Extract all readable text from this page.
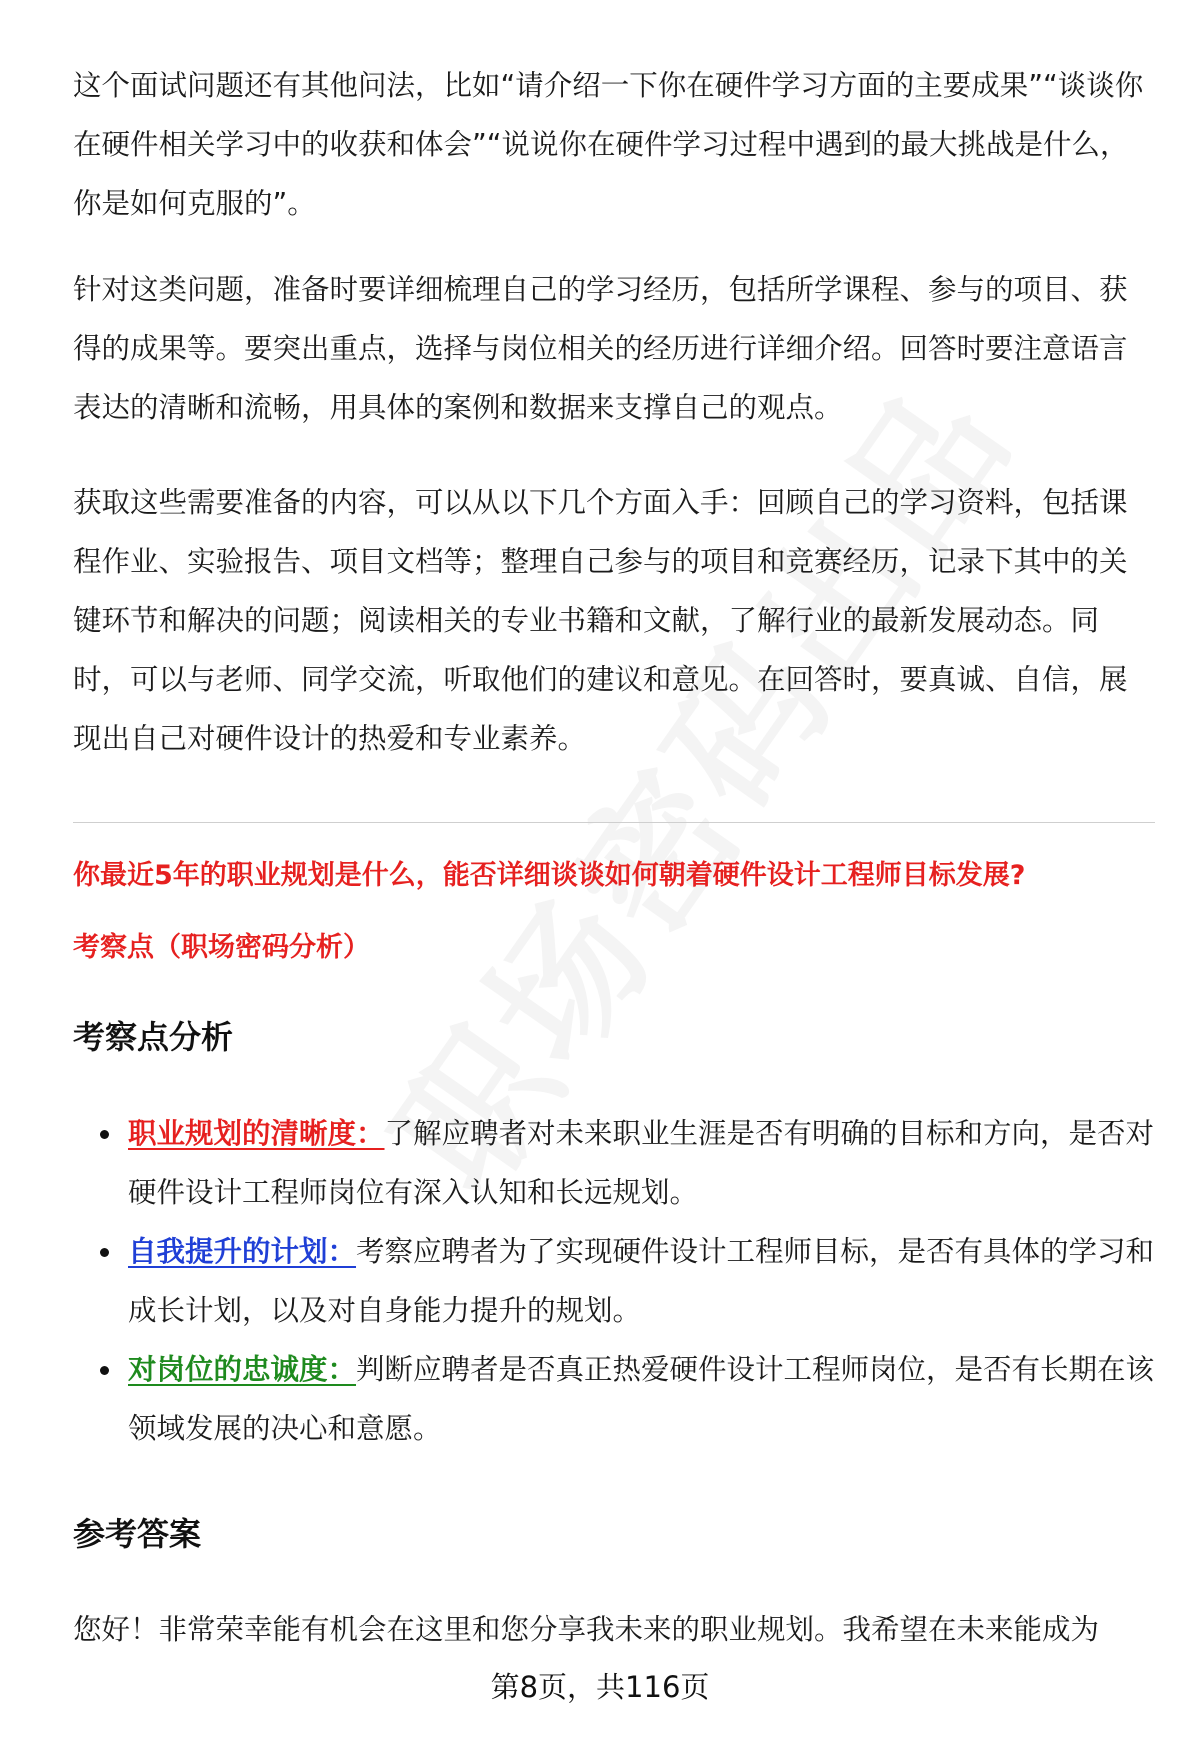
这个面试问题还有其他问法，比如“请介绍一下你在硬件学习方面的主要成果”“谈谈你在硬件相关学习中的收获和体会”“说说你在硬件学习过程中遇到的最大挑战是什么，你是如何克服的”。

针对这类问题，准备时要详细梳理自己的学习经历，包括所学课程、参与的项目、获得的成果等。要突出重点，选择与岗位相关的经历进行详细介绍。回答时要注意语言表达的清晰和流畅，用具体的案例和数据来支撑自己的观点。

获取这些需要准备的内容，可以从以下几个方面入手：回顾自己的学习资料，包括课程作业、实验报告、项目文档等；整理自己参与的项目和竞赛经历，记录下其中的关键环节和解决的问题；阅读相关的专业书籍和文献，了解行业的最新发展动态。同时，可以与老师、同学交流，听取他们的建议和意见。在回答时，要真诚、自信，展现出自己对硬件设计的热爱和专业素养。

你最近5年的职业规划是什么，能否详细谈谈如何朝着硬件设计工程师目标发展?

考察点（职场密码分析）

考察点分析
职业规划的清晰度：了解应聘者对未来职业生涯是否有明确的目标和方向，是否对硬件设计工程师岗位有深入认知和长远规划。
自我提升的计划：考察应聘者为了实现硬件设计工程师目标，是否有具体的学习和成长计划，以及对自身能力提升的规划。
对岗位的忠诚度：判断应聘者是否真正热爱硬件设计工程师岗位，是否有长期在该领域发展的决心和意愿。
参考答案

您好！非常荣幸能有机会在这里和您分享我未来的职业规划。我希望在未来能成为

第8页，共116页
